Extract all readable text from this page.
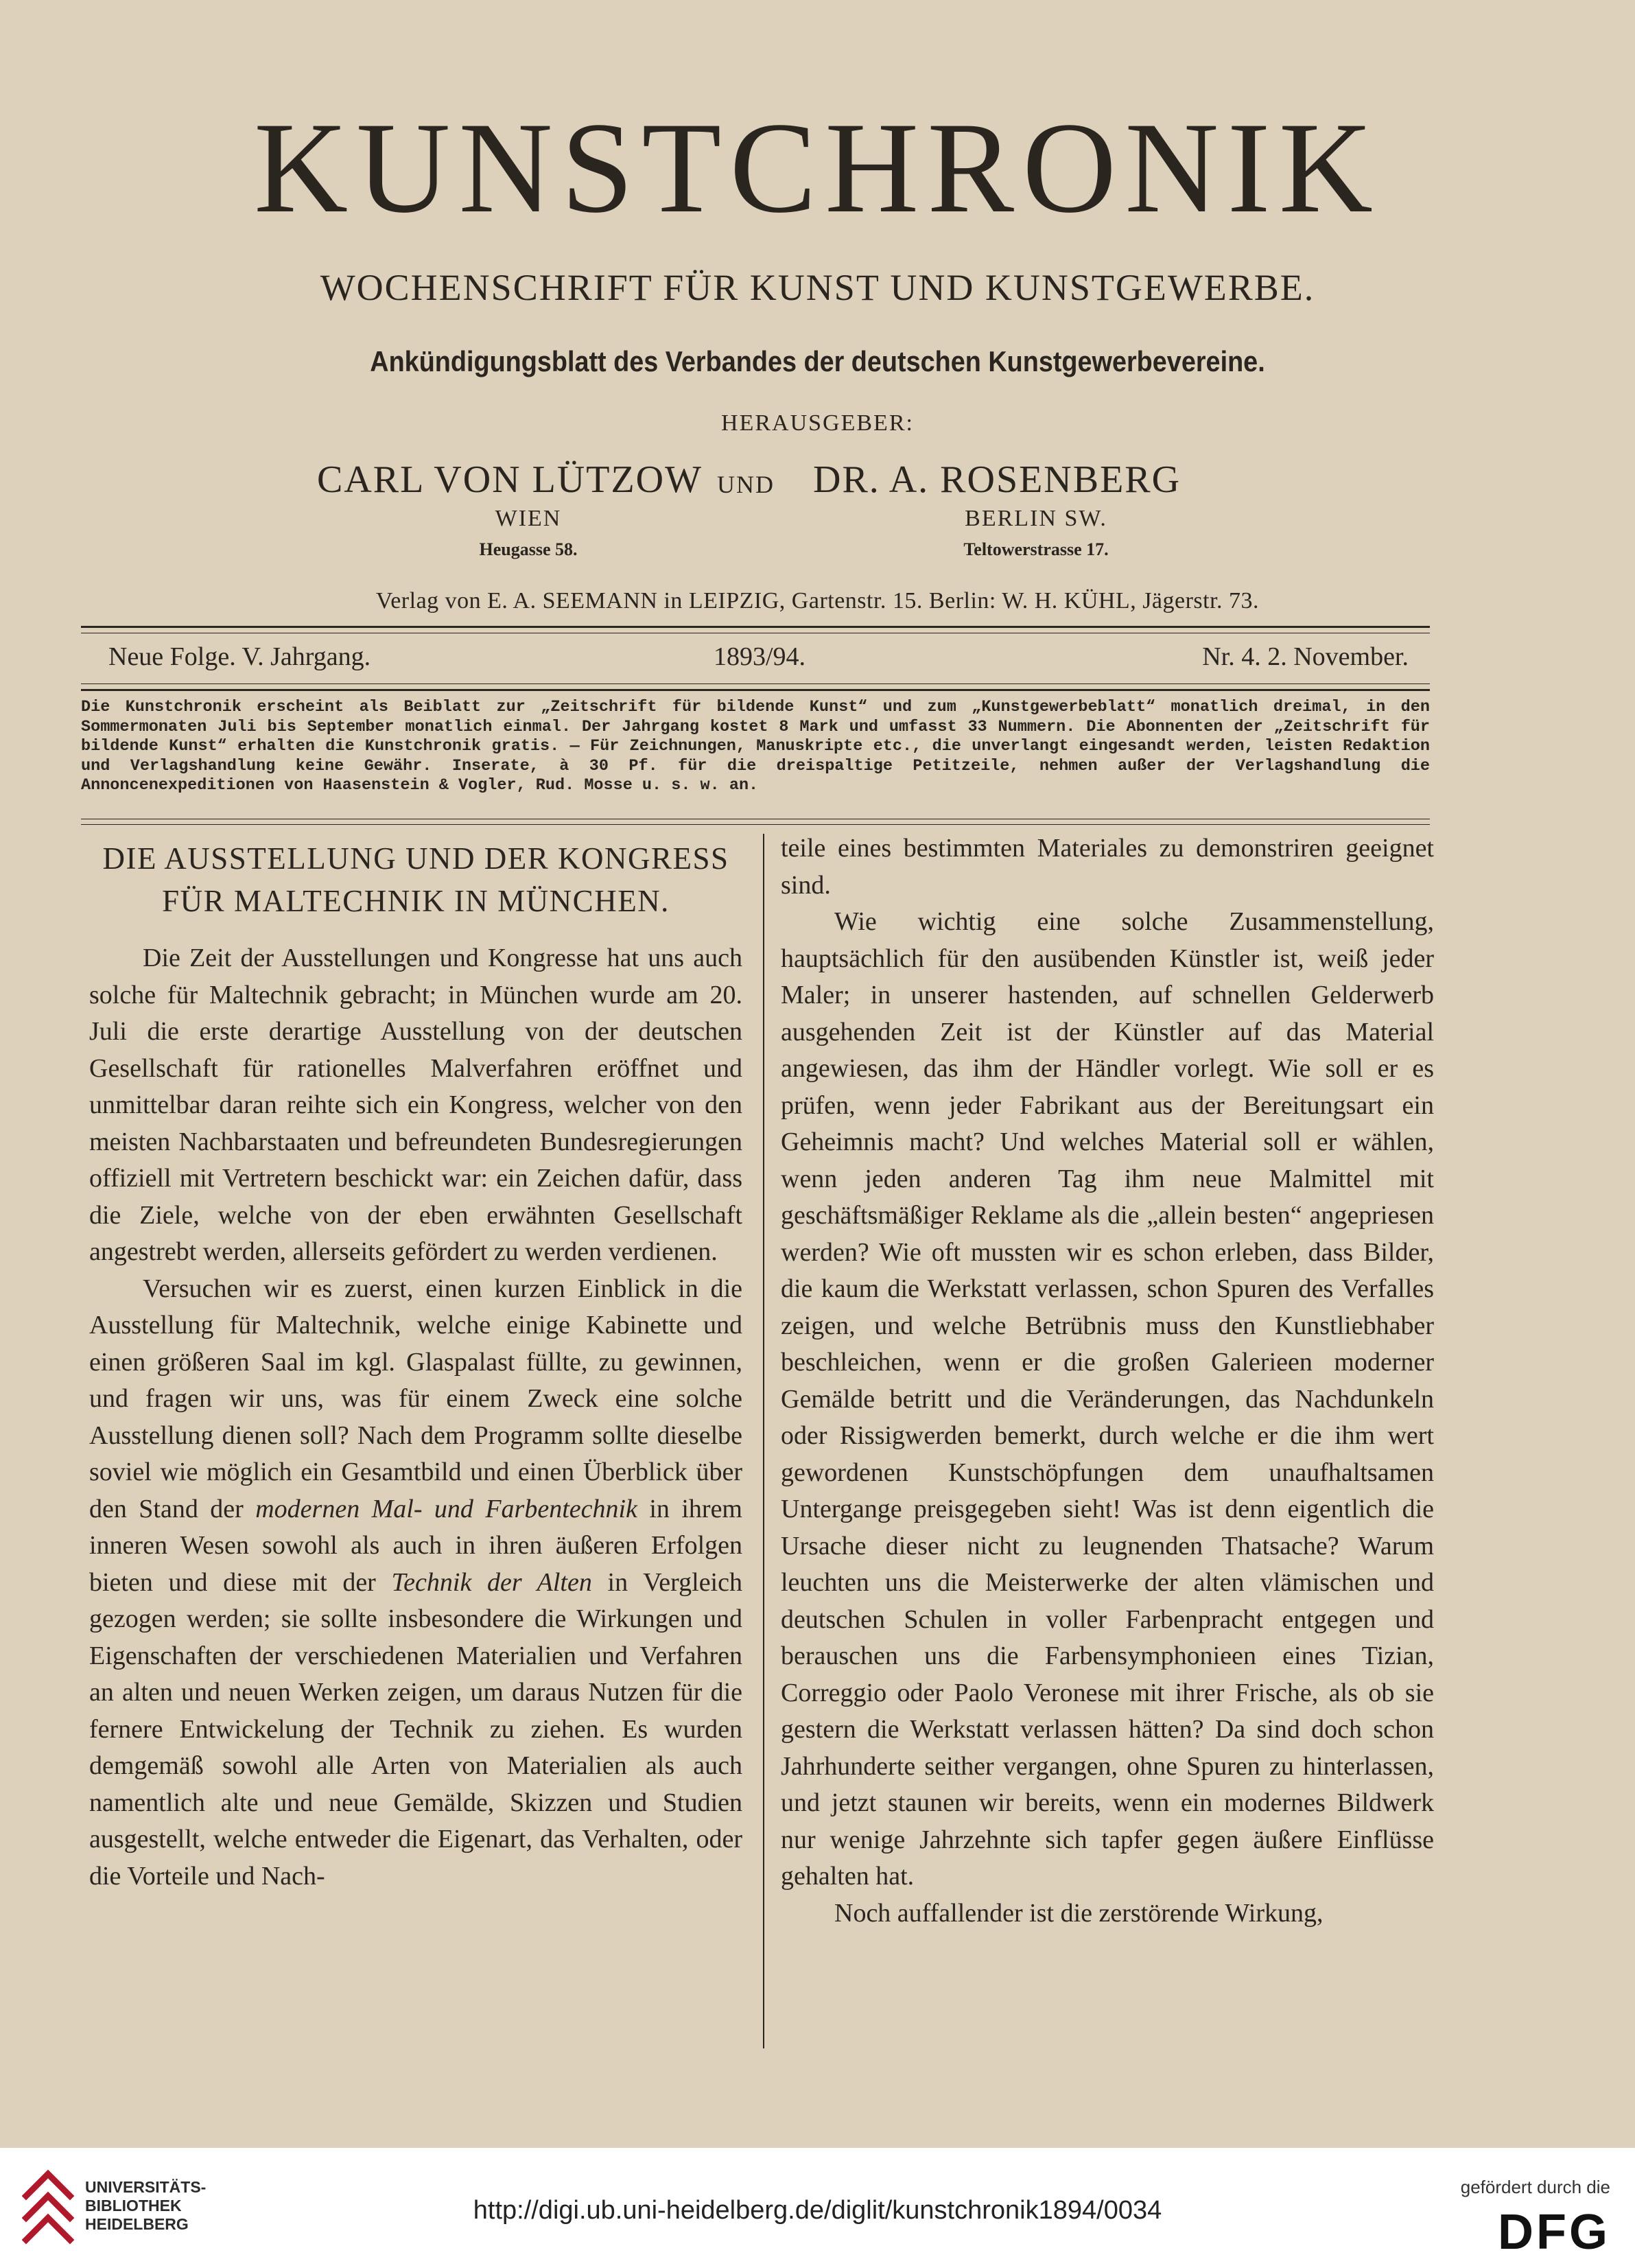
KUNSTCHRONIK
WOCHENSCHRIFT FÜR KUNST UND KUNSTGEWERBE.
Ankündigungsblatt des Verbandes der deutschen Kunstgewerbevereine.
HERAUSGEBER:
CARL VON LÜTZOW UND DR. A. ROSENBERG
WIEN
Heugasse 58.
BERLIN SW.
Teltowerstrasse 17.
Verlag von E. A. SEEMANN in LEIPZIG, Gartenstr. 15. Berlin: W. H. KÜHL, Jägerstr. 73.
Neue Folge. V. Jahrgang.	1893/94.	Nr. 4. 2. November.
Die Kunstchronik erscheint als Beiblatt zur „Zeitschrift für bildende Kunst“ und zum „Kunstgewerbeblatt“ monatlich dreimal, in den Sommermonaten Juli bis September monatlich einmal. Der Jahrgang kostet 8 Mark und umfasst 33 Nummern. Die Abonnenten der „Zeitschrift für bildende Kunst“ erhalten die Kunstchronik gratis. — Für Zeichnungen, Manuskripte etc., die unverlangt eingesandt werden, leisten Redaktion und Verlagshandlung keine Gewähr. Inserate, à 30 Pf. für die dreispaltige Petitzeile, nehmen außer der Verlagshandlung die Annoncenexpeditionen von Haasenstein & Vogler, Rud. Mosse u. s. w. an.

DIE AUSSTELLUNG UND DER KONGRESS FÜR MALTECHNIK IN MÜNCHEN.

Die Zeit der Ausstellungen und Kongresse hat uns auch solche für Maltechnik gebracht; in München wurde am 20. Juli die erste derartige Ausstellung von der deutschen Gesellschaft für rationelles Malverfahren eröffnet und unmittelbar daran reihte sich ein Kongress, welcher von den meisten Nachbarstaaten und befreundeten Bundesregierungen offiziell mit Vertretern beschickt war: ein Zeichen dafür, dass die Ziele, welche von der eben erwähnten Gesellschaft angestrebt werden, allerseits gefördert zu werden verdienen.

Versuchen wir es zuerst, einen kurzen Einblick in die Ausstellung für Maltechnik, welche einige Kabinette und einen größeren Saal im kgl. Glaspalast füllte, zu gewinnen, und fragen wir uns, was für einem Zweck eine solche Ausstellung dienen soll? Nach dem Programm sollte dieselbe soviel wie möglich ein Gesamtbild und einen Überblick über den Stand der modernen Mal- und Farbentechnik in ihrem inneren Wesen sowohl als auch in ihren äußeren Erfolgen bieten und diese mit der Technik der Alten in Vergleich gezogen werden; sie sollte insbesondere die Wirkungen und Eigenschaften der verschiedenen Materialien und Verfahren an alten und neuen Werken zeigen, um daraus Nutzen für die fernere Entwickelung der Technik zu ziehen. Es wurden demgemäß sowohl alle Arten von Materialien als auch namentlich alte und neue Gemälde, Skizzen und Studien ausgestellt, welche entweder die Eigenart, das Verhalten, oder die Vorteile und Nach-

teile eines bestimmten Materiales zu demonstriren geeignet sind.

Wie wichtig eine solche Zusammenstellung, hauptsächlich für den ausübenden Künstler ist, weiß jeder Maler; in unserer hastenden, auf schnellen Gelderwerb ausgehenden Zeit ist der Künstler auf das Material angewiesen, das ihm der Händler vorlegt. Wie soll er es prüfen, wenn jeder Fabrikant aus der Bereitungsart ein Geheimnis macht? Und welches Material soll er wählen, wenn jeden anderen Tag ihm neue Malmittel mit geschäftsmäßiger Reklame als die „allein besten“ angepriesen werden? Wie oft mussten wir es schon erleben, dass Bilder, die kaum die Werkstatt verlassen, schon Spuren des Verfalles zeigen, und welche Betrübnis muss den Kunstliebhaber beschleichen, wenn er die großen Galerieen moderner Gemälde betritt und die Veränderungen, das Nachdunkeln oder Rissigwerden bemerkt, durch welche er die ihm wert gewordenen Kunstschöpfungen dem unaufhaltsamen Untergange preisgegeben sieht! Was ist denn eigentlich die Ursache dieser nicht zu leugnenden Thatsache? Warum leuchten uns die Meisterwerke der alten vlämischen und deutschen Schulen in voller Farbenpracht entgegen und berauschen uns die Farbensymphonieen eines Tizian, Correggio oder Paolo Veronese mit ihrer Frische, als ob sie gestern die Werkstatt verlassen hätten? Da sind doch schon Jahrhunderte seither vergangen, ohne Spuren zu hinterlassen, und jetzt staunen wir bereits, wenn ein modernes Bildwerk nur wenige Jahrzehnte sich tapfer gegen äußere Einflüsse gehalten hat.

Noch auffallender ist die zerstörende Wirkung,

UNIVERSITÄTS-
BIBLIOTHEK
HEIDELBERG	http://digi.ub.uni-heidelberg.de/diglit/kunstchronik1894/0034
gefördert durch die
DFG
